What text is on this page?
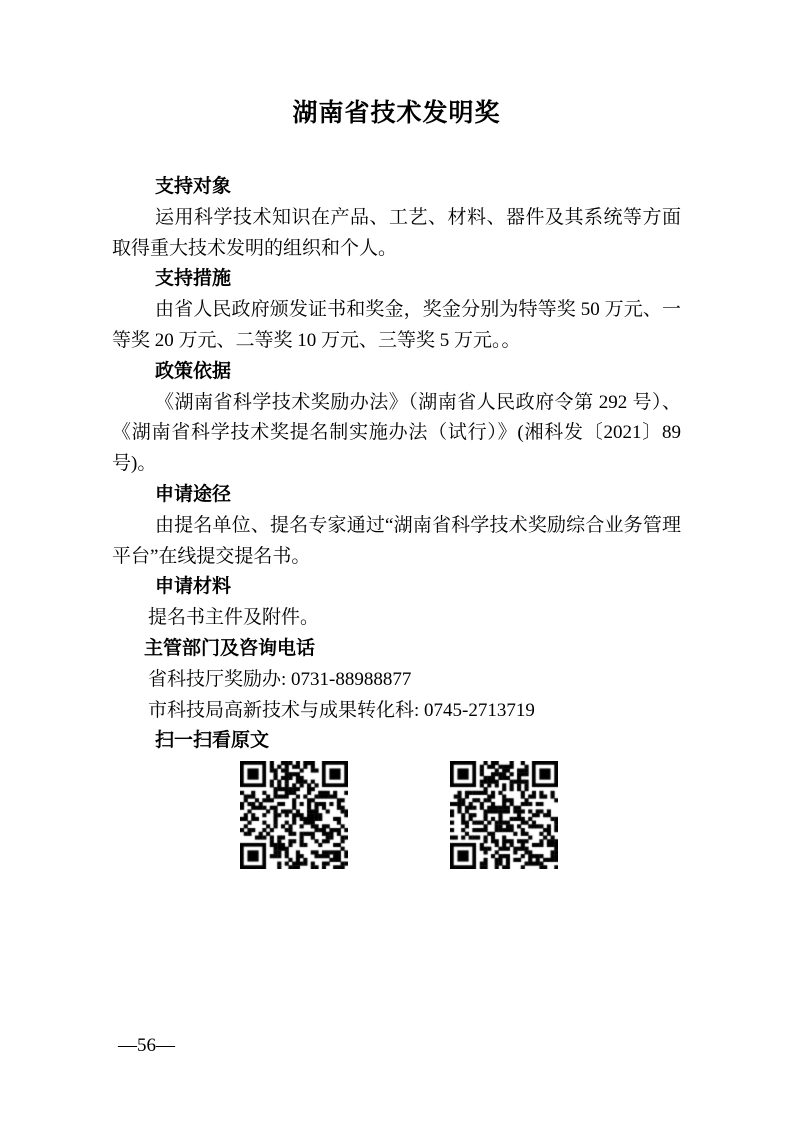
湖南省技术发明奖
支持对象

运用科学技术知识在产品、工艺、材料、器件及其系统等方面取得重大技术发明的组织和个人。

支持措施

由省人民政府颁发证书和奖金，奖金分别为特等奖 50 万元、一等奖 20 万元、二等奖 10 万元、三等奖 5 万元。。

政策依据

《湖南省科学技术奖励办法》（湖南省人民政府令第 292 号）、《湖南省科学技术奖提名制实施办法（试行）》(湘科发〔2021〕89 号)。

申请途径

由提名单位、提名专家通过“湖南省科学技术奖励综合业务管理平台”在线提交提名书。

申请材料

提名书主件及附件。

主管部门及咨询电话

省科技厅奖励办: 0731-88988877

市科技局高新技术与成果转化科: 0745-2713719

扫一扫看原文
—56—
